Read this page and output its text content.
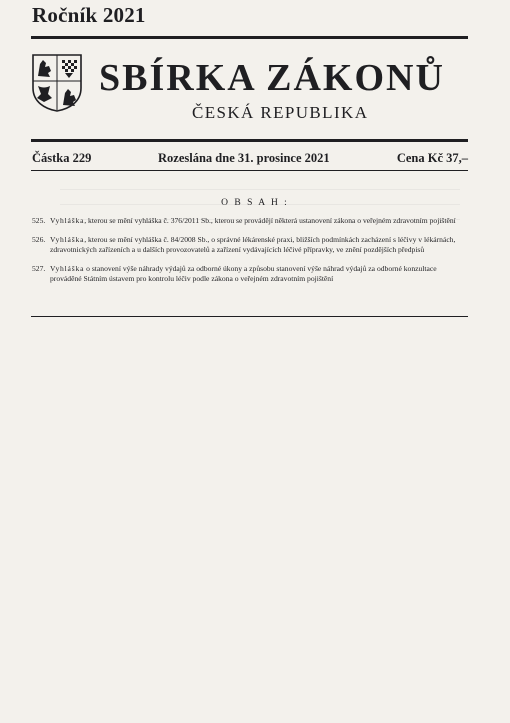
Ročník 2021
SBÍRKA ZÁKONŮ
ČESKÁ REPUBLIKA
Částka 229	Rozeslána dne 31. prosince 2021	Cena Kč 37,–
O B S A H :
525. Vyhláška, kterou se mění vyhláška č. 376/2011 Sb., kterou se provádějí některá ustanovení zákona o veřejném zdravotním pojištění
526. Vyhláška, kterou se mění vyhláška č. 84/2008 Sb., o správné lékárenské praxi, bližších podmínkách zacházení s léčivy v lékárnách, zdravotnických zařízeních a u dalších provozovatelů a zařízení vydávajících léčivé přípravky, ve znění pozdějších předpisů
527. Vyhláška o stanovení výše náhrady výdajů za odborné úkony a způsobu stanovení výše náhrad výdajů za odborné konzultace prováděné Státním ústavem pro kontrolu léčiv podle zákona o veřejném zdravotním pojištění
